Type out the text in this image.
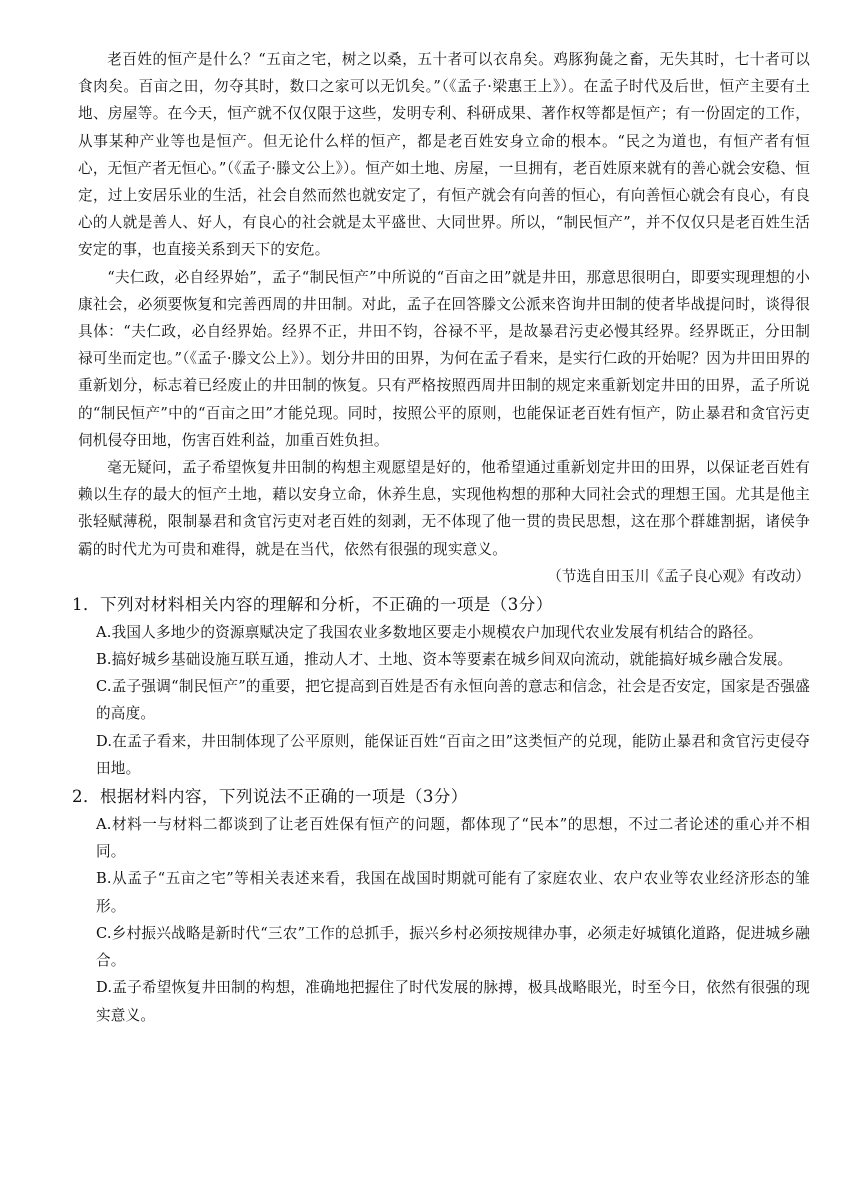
老百姓的恒产是什么？“五亩之宅，树之以桑，五十者可以衣帛矣。鸡豚狗彘之畜，无失其时，七十者可以食肉矣。百亩之田，勿夺其时，数口之家可以无饥矣。”（《孟子·梁惠王上》）。在孟子时代及后世，恒产主要有土地、房屋等。在今天，恒产就不仅仅限于这些，发明专利、科研成果、著作权等都是恒产；有一份固定的工作，从事某种产业等也是恒产。但无论什么样的恒产，都是老百姓安身立命的根本。“民之为道也，有恒产者有恒心，无恒产者无恒心。”（《孟子·滕文公上》）。恒产如土地、房屋，一旦拥有，老百姓原来就有的善心就会安稳、恒定，过上安居乐业的生活，社会自然而然也就安定了，有恒产就会有向善的恒心，有向善恒心就会有良心，有良心的人就是善人、好人，有良心的社会就是太平盛世、大同世界。所以，“制民恒产”，并不仅仅只是老百姓生活安定的事，也直接关系到天下的安危。

“夫仁政，必自经界始”，孟子“制民恒产”中所说的“百亩之田”就是井田，那意思很明白，即要实现理想的小康社会，必须要恢复和完善西周的井田制。对此，孟子在回答滕文公派来咨询井田制的使者毕战提问时，谈得很具体：“夫仁政，必自经界始。经界不正，井田不钧，谷禄不平，是故暴君污吏必慢其经界。经界既正，分田制禄可坐而定也。”（《孟子·滕文公上》）。划分井田的田界，为何在孟子看来，是实行仁政的开始呢？因为井田田界的重新划分，标志着已经废止的井田制的恢复。只有严格按照西周井田制的规定来重新划定井田的田界，孟子所说的“制民恒产”中的“百亩之田”才能兑现。同时，按照公平的原则，也能保证老百姓有恒产，防止暴君和贪官污吏伺机侵夺田地，伤害百姓利益，加重百姓负担。

毫无疑问，孟子希望恢复井田制的构想主观愿望是好的，他希望通过重新划定井田的田界，以保证老百姓有赖以生存的最大的恒产土地，藉以安身立命，休养生息，实现他构想的那种大同社会式的理想王国。尤其是他主张轻赋薄税，限制暴君和贪官污吏对老百姓的刻剥，无不体现了他一贯的贵民思想，这在那个群雄割据，诸侯争霸的时代尤为可贵和难得，就是在当代，依然有很强的现实意义。

（节选自田玉川《孟子良心观》有改动）

1．下列对材料相关内容的理解和分析，不正确的一项是（3分）

A.我国人多地少的资源禀赋决定了我国农业多数地区要走小规模农户加现代农业发展有机结合的路径。

B.搞好城乡基础设施互联互通，推动人才、土地、资本等要素在城乡间双向流动，就能搞好城乡融合发展。

C.孟子强调“制民恒产”的重要，把它提高到百姓是否有永恒向善的意志和信念，社会是否安定，国家是否强盛的高度。

D.在孟子看来，井田制体现了公平原则，能保证百姓“百亩之田”这类恒产的兑现，能防止暴君和贪官污吏侵夺田地。

2．根据材料内容，下列说法不正确的一项是（3分）

A.材料一与材料二都谈到了让老百姓保有恒产的问题，都体现了“民本”的思想，不过二者论述的重心并不相同。

B.从孟子“五亩之宅”等相关表述来看，我国在战国时期就可能有了家庭农业、农户农业等农业经济形态的雏形。

C.乡村振兴战略是新时代“三农”工作的总抓手，振兴乡村必须按规律办事，必须走好城镇化道路，促进城乡融合。

D.孟子希望恢复井田制的构想，准确地把握住了时代发展的脉搏，极具战略眼光，时至今日，依然有很强的现实意义。
